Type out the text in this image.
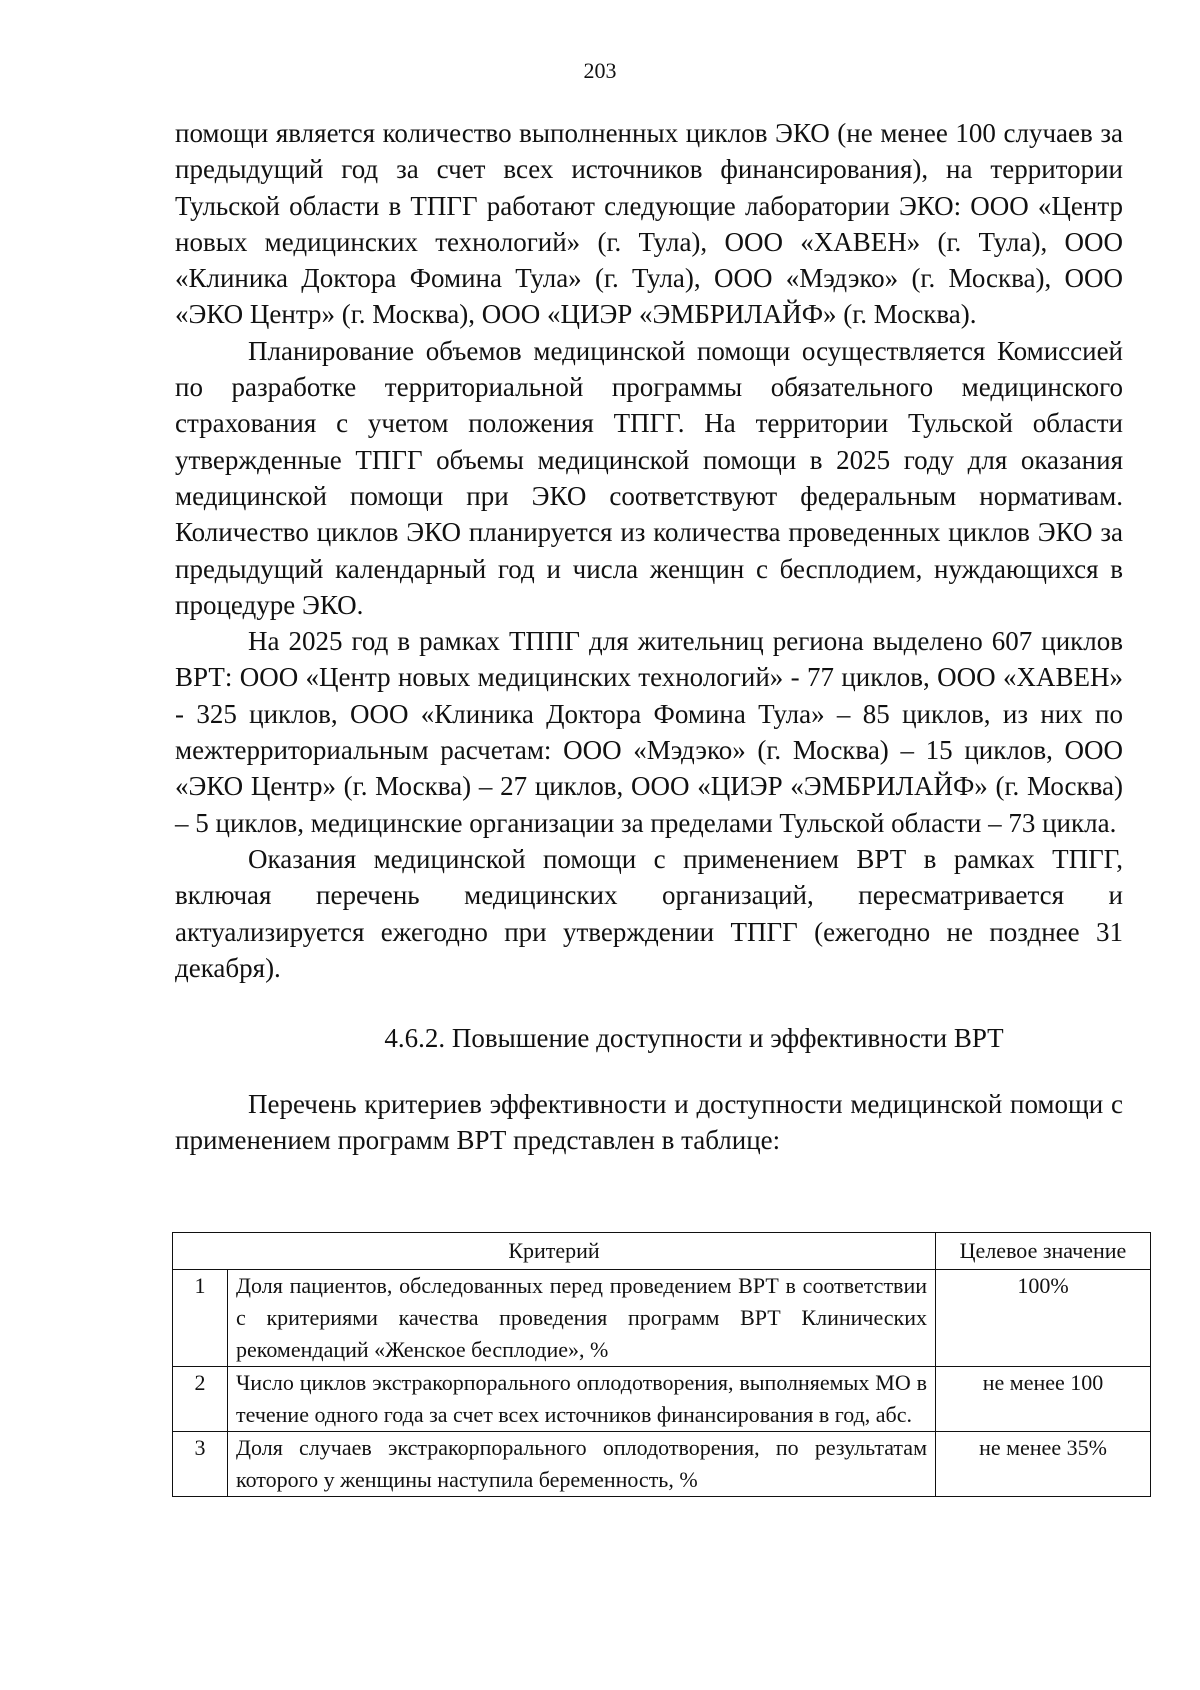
203

помощи является количество выполненных циклов ЭКО (не менее 100 случаев за предыдущий год за счет всех источников финансирования), на территории Тульской области в ТПГГ работают следующие лаборатории ЭКО: ООО «Центр новых медицинских технологий» (г. Тула), ООО «ХАВЕН» (г. Тула), ООО «Клиника Доктора Фомина Тула» (г. Тула), ООО «Мэдэко» (г. Москва), ООО «ЭКО Центр» (г. Москва), ООО «ЦИЭР «ЭМБРИЛАЙФ» (г. Москва).

Планирование объемов медицинской помощи осуществляется Комиссией по разработке территориальной программы обязательного медицинского страхования с учетом положения ТПГГ. На территории Тульской области утвержденные ТПГГ объемы медицинской помощи в 2025 году для оказания медицинской помощи при ЭКО соответствуют федеральным нормативам. Количество циклов ЭКО планируется из количества проведенных циклов ЭКО за предыдущий календарный год и числа женщин с бесплодием, нуждающихся в процедуре ЭКО.

На 2025 год в рамках ТППГ для жительниц региона выделено 607 циклов ВРТ: ООО «Центр новых медицинских технологий» - 77 циклов, ООО «ХАВЕН» - 325 циклов, ООО «Клиника Доктора Фомина Тула» – 85 циклов, из них по межтерриториальным расчетам: ООО «Мэдэко» (г. Москва) – 15 циклов, ООО «ЭКО Центр» (г. Москва) – 27 циклов, ООО «ЦИЭР «ЭМБРИЛАЙФ» (г. Москва) – 5 циклов, медицинские организации за пределами Тульской области – 73 цикла.

Оказания медицинской помощи с применением ВРТ в рамках ТПГГ, включая перечень медицинских организаций, пересматривается и актуализируется ежегодно при утверждении ТПГГ (ежегодно не позднее 31 декабря).

4.6.2. Повышение доступности и эффективности ВРТ

Перечень критериев эффективности и доступности медицинской помощи с применением программ ВРТ представлен в таблице:

Критерий		Целевое значение
1	Доля пациентов, обследованных перед проведением ВРТ в соответствии с критериями качества проведения программ ВРТ Клинических рекомендаций «Женское бесплодие», %	100%
2	Число циклов экстракорпорального оплодотворения, выполняемых МО в течение одного года за счет всех источников финансирования в год, абс.	не менее 100
3	Доля случаев экстракорпорального оплодотворения, по результатам которого у женщины наступила беременность, %	не менее 35%
